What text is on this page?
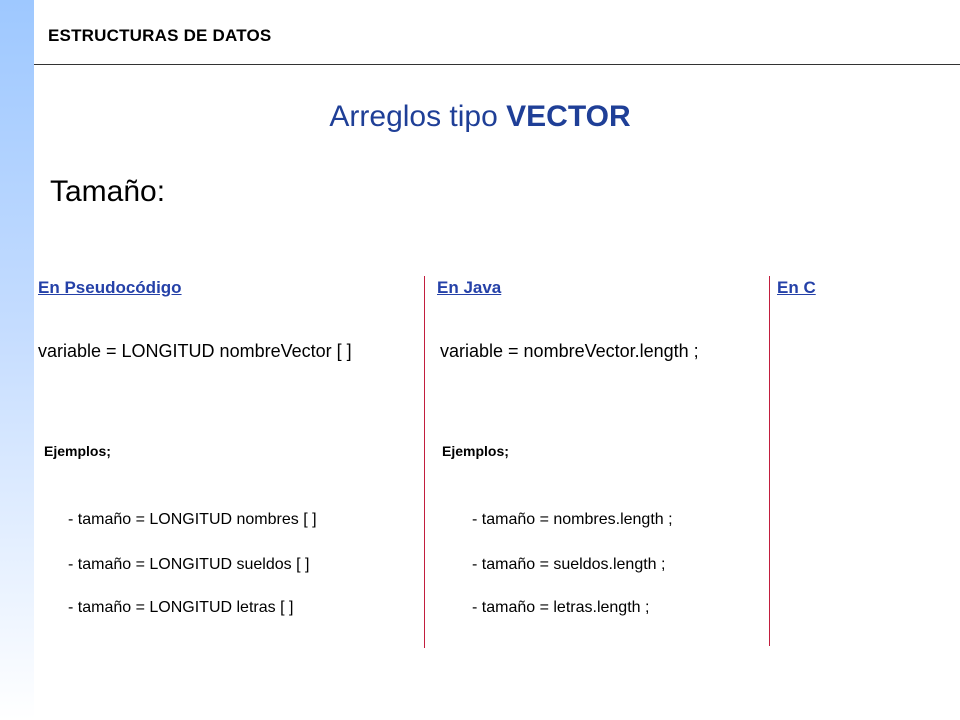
ESTRUCTURAS DE DATOS
Arreglos tipo VECTOR
Tamaño:
En Pseudocódigo
variable = LONGITUD nombreVector [ ]
Ejemplos;
- tamaño = LONGITUD nombres [ ]
- tamaño = LONGITUD sueldos [ ]
- tamaño = LONGITUD letras [ ]
En Java
variable = nombreVector.length ;
Ejemplos;
- tamaño = nombres.length ;
- tamaño = sueldos.length ;
- tamaño = letras.length ;
En C
